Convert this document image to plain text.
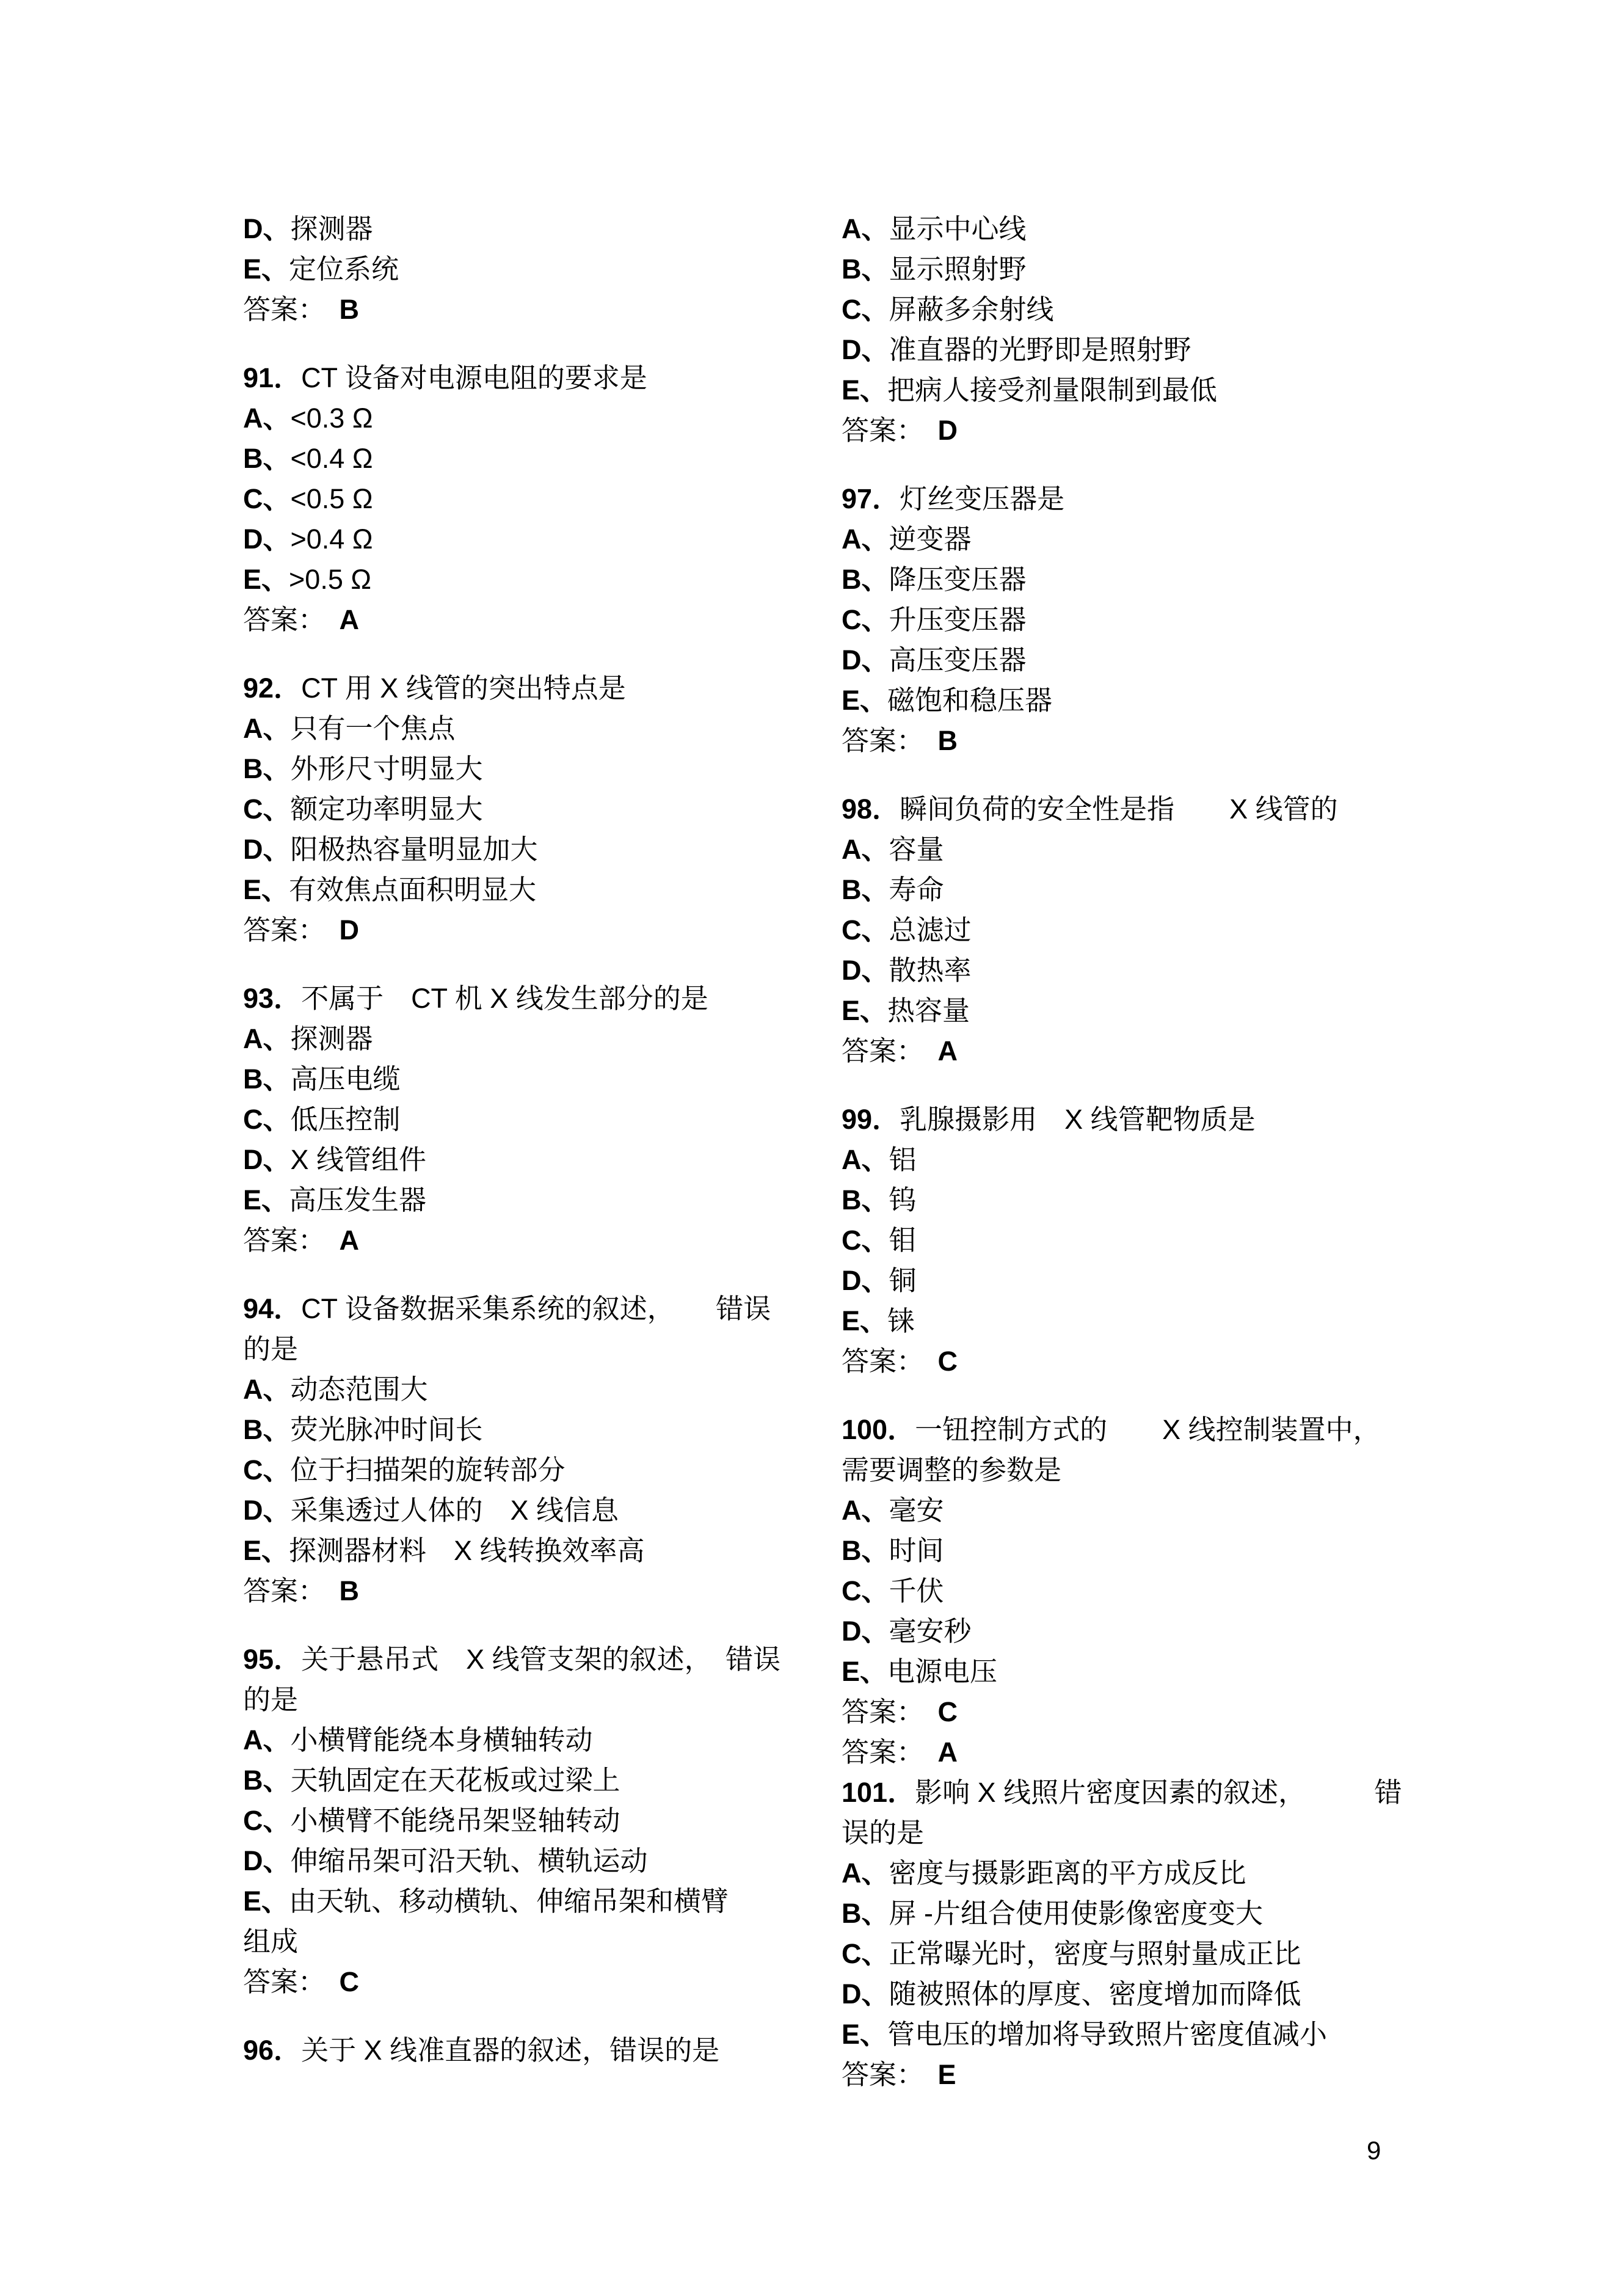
D、探测器
E、定位系统
答案：　B
91．CT 设备对电源电阻的要求是
A、<0.3 Ω
B、<0.4 Ω
C、<0.5 Ω
D、>0.4 Ω
E、>0.5 Ω
答案：　A
92．CT 用 X 线管的突出特点是
A、只有一个焦点
B、外形尺寸明显大
C、额定功率明显大
D、阳极热容量明显加大
E、有效焦点面积明显大
答案：　D
93．不属于　CT 机 X 线发生部分的是
A、探测器
B、高压电缆
C、低压控制
D、X 线管组件
E、高压发生器
答案：　A
94．CT 设备数据采集系统的叙述，　　错误
的是
A、动态范围大
B、荧光脉冲时间长
C、位于扫描架的旋转部分
D、采集透过人体的　X 线信息
E、探测器材料　X 线转换效率高
答案：　B
95．关于悬吊式　X 线管支架的叙述，　错误
的是
A、小横臂能绕本身横轴转动
B、天轨固定在天花板或过梁上
C、小横臂不能绕吊架竖轴转动
D、伸缩吊架可沿天轨、横轨运动
E、由天轨、移动横轨、伸缩吊架和横臂
组成
答案：　C
96．关于 X 线准直器的叙述，错误的是
A、显示中心线
B、显示照射野
C、屏蔽多余射线
D、准直器的光野即是照射野
E、把病人接受剂量限制到最低
答案：　D
97．灯丝变压器是
A、逆变器
B、降压变压器
C、升压变压器
D、高压变压器
E、磁饱和稳压器
答案：　B
98．瞬间负荷的安全性是指　　X 线管的
A、容量
B、寿命
C、总滤过
D、散热率
E、热容量
答案：　A
99．乳腺摄影用　X 线管靶物质是
A、铝
B、钨
C、钼
D、铜
E、铼
答案：　C
100．一钮控制方式的　　X 线控制装置中，
需要调整的参数是
A、毫安
B、时间
C、千伏
D、毫安秒
E、电源电压
答案：　C
答案：　A
101．影响 X 线照片密度因素的叙述，　　　错
误的是
A、密度与摄影距离的平方成反比
B、屏 -片组合使用使影像密度变大
C、正常曝光时，密度与照射量成正比
D、随被照体的厚度、密度增加而降低
E、管电压的增加将导致照片密度值减小
答案：　E
9
